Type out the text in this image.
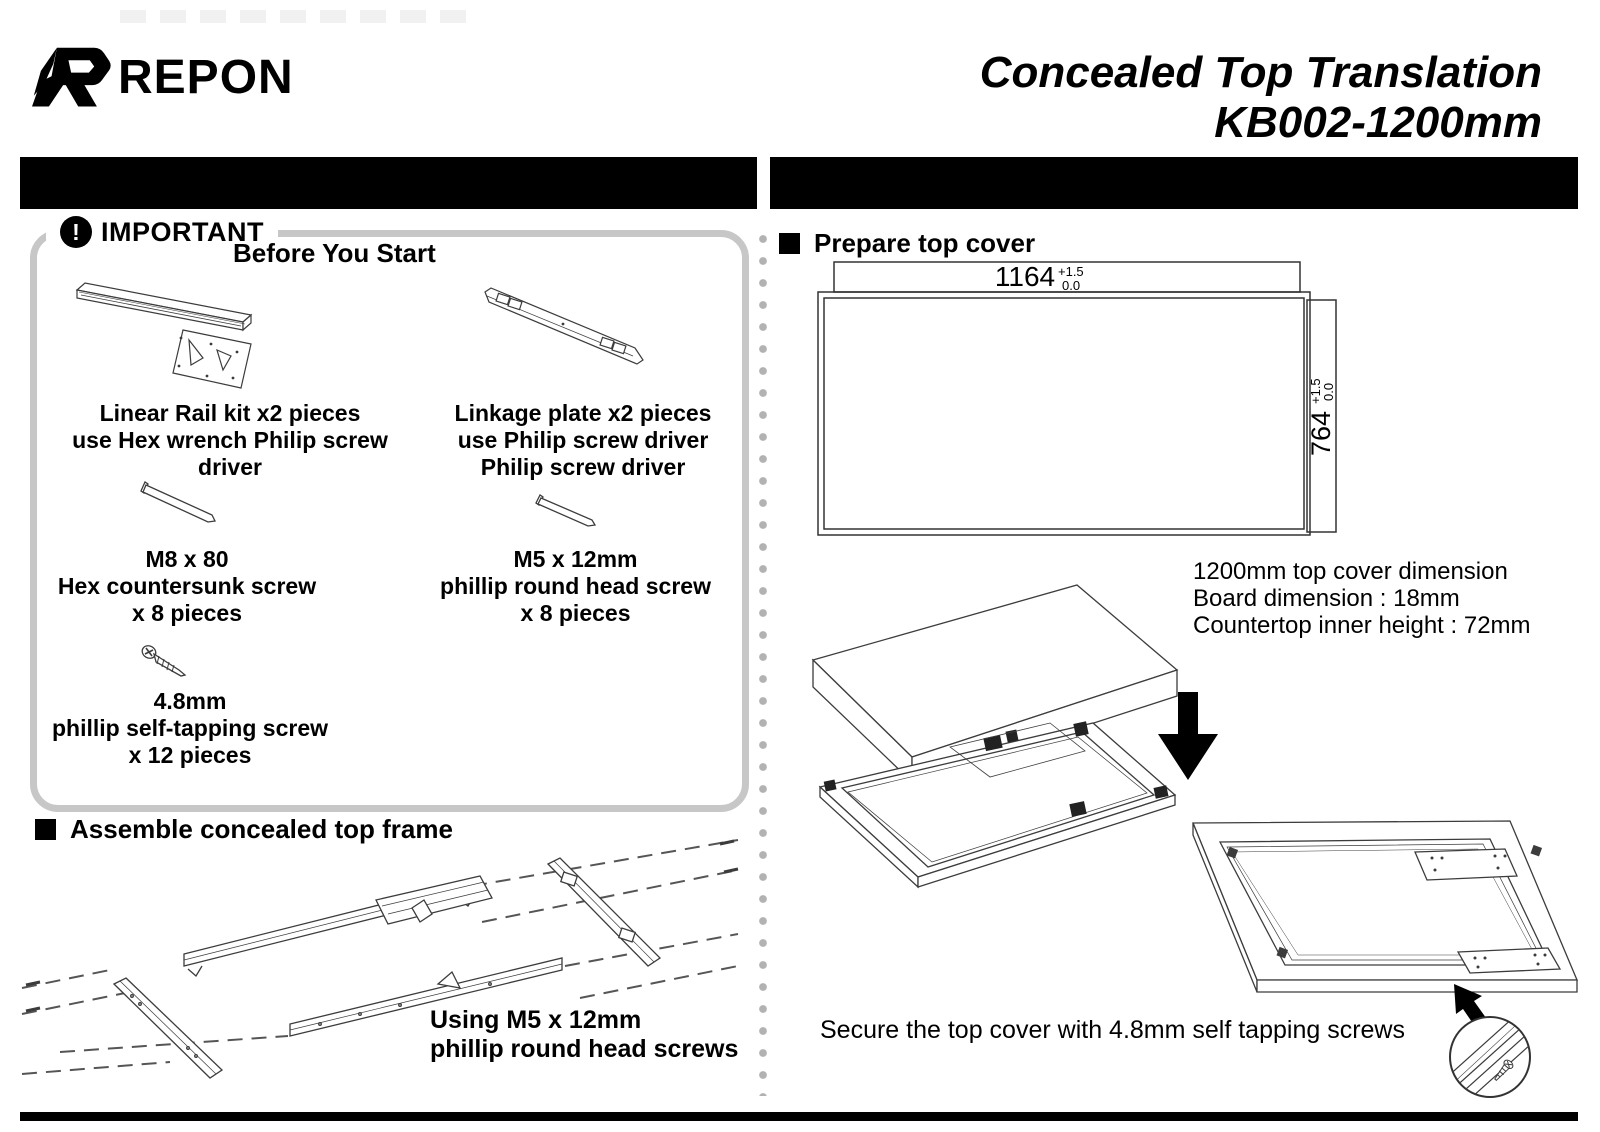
REPON	Concealed Top Translation
KB002-1200mm
! IMPORTANT
Before You Start
Linear Rail kit x2 pieces
use Hex wrench Philip screw driver
Linkage plate x2 pieces
use Philip screw driver
Philip screw driver
M8 x 80
Hex countersunk screw
x 8 pieces
M5 x 12mm
phillip round head screw
x 8 pieces
4.8mm
phillip self-tapping screw
x 12 pieces
Assemble concealed top frame
Using M5 x 12mm
phillip round head screws
Prepare top cover
1164 +1.5
0.0
764
+1.5
0.0
1200mm top cover dimension
Board dimension : 18mm
Countertop inner height : 72mm
Secure the top cover with 4.8mm self tapping screws
